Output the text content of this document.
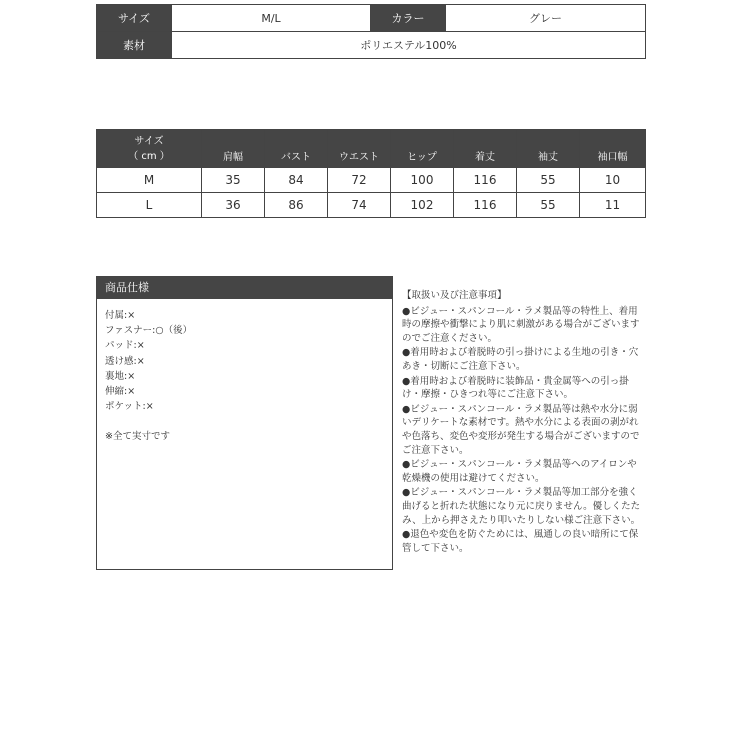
サイズ	M/L	カラー	グレー
素材	ポリエステル100%		
サイズ
（ cm ）	肩幅	バスト	ウエスト	ヒップ	着丈	袖丈	袖口幅
M	35	84	72	100	116	55	10
L	36	86	74	102	116	55	11
商品仕様
付属:×
ファスナー:○（後）
パッド:×
透け感:×
裏地:×
伸縮:×
ポケット:×
※全て実寸です
【取扱い及び注意事項】

●ビジュー・スパンコール・ラメ製品等の特性上、着用時の摩擦や衝撃により肌に刺激がある場合がございますのでご注意ください。

●着用時および着脱時の引っ掛けによる生地の引き・穴あき・切断にご注意下さい。

●着用時および着脱時に装飾品・貴金属等への引っ掛け・摩擦・ひきつれ等にご注意下さい。

●ビジュー・スパンコール・ラメ製品等は熱や水分に弱いデリケートな素材です。熱や水分による表面の剥がれや色落ち、変色や変形が発生する場合がございますのでご注意下さい。

●ビジュー・スパンコール・ラメ製品等へのアイロンや乾燥機の使用は避けてください。

●ビジュー・スパンコール・ラメ製品等加工部分を強く曲げると折れた状態になり元に戻りません。優しくたたみ、上から押さえたり叩いたりしない様ご注意下さい。

●退色や変色を防ぐためには、風通しの良い暗所にて保管して下さい。
